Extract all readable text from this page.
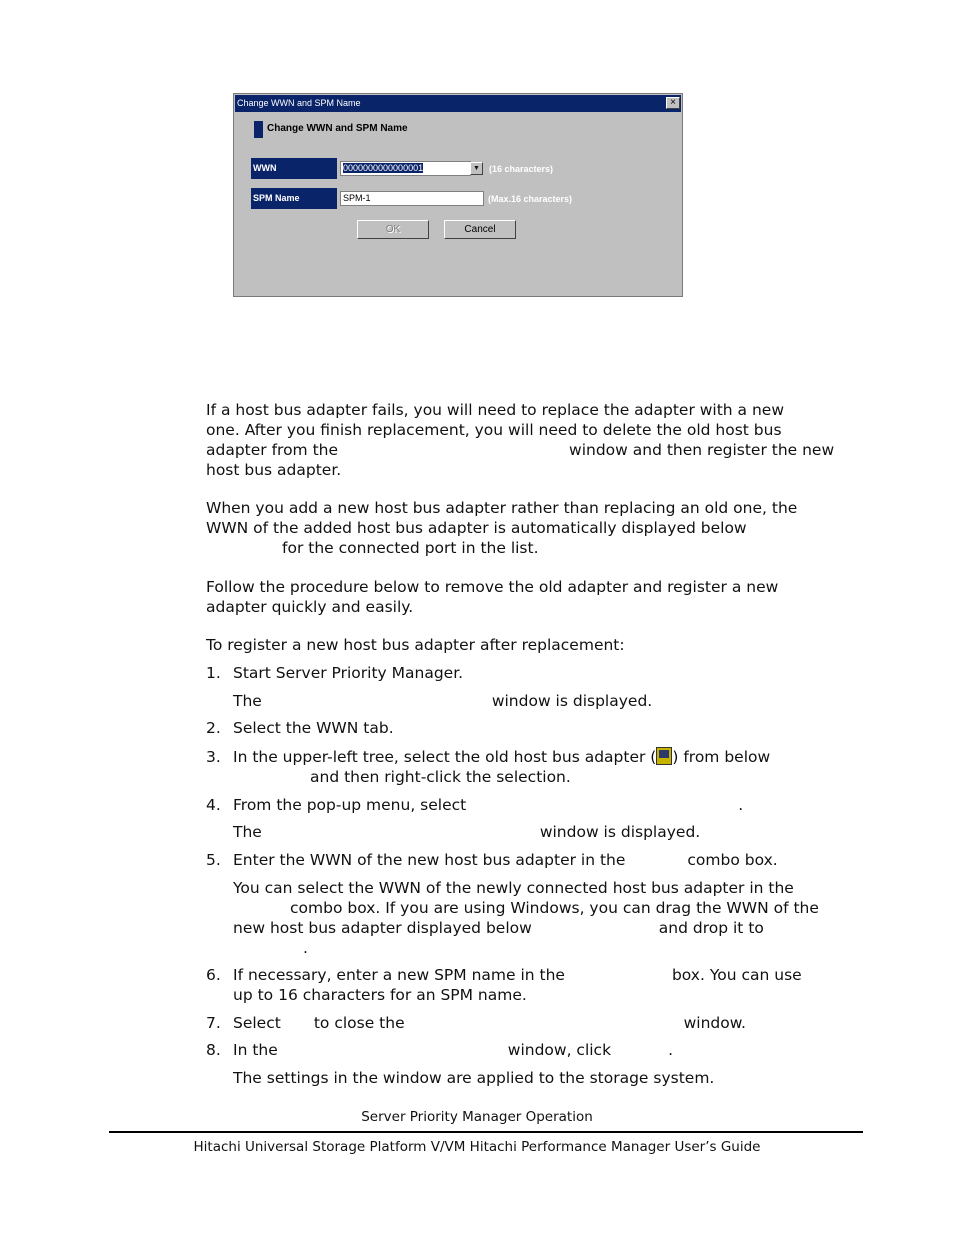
Change WWN and SPM Name	×
Change WWN and SPM Name
WWN	0000000000000001	▼	(16 characters)
SPM Name	SPM-1	(Max.16 characters)
OK	Cancel
If a host bus adapter fails, you will need to replace the adapter with a new
one. After you finish replacement, you will need to delete the old host bus
adapter from the	window and then register the new
host bus adapter.
When you add a new host bus adapter rather than replacing an old one, the
WWN of the added host bus adapter is automatically displayed below
for the connected port in the list.
Follow the procedure below to remove the old adapter and register a new
adapter quickly and easily.
To register a new host bus adapter after replacement:
1. Start Server Priority Manager.
The	window is displayed.
2. Select the WWN tab.
3. In the upper-left tree, select the old host bus adapter ( ) from below
and then right-click the selection.
4. From the pop-up menu, select	.
The	window is displayed.
5. Enter the WWN of the new host bus adapter in the	combo box.
You can select the WWN of the newly connected host bus adapter in the
combo box. If you are using Windows, you can drag the WWN of the
new host bus adapter displayed below	and drop it to
.
6. If necessary, enter a new SPM name in the	box. You can use
up to 16 characters for an SPM name.
7. Select to close the	window.
8. In the	window, click	.
The settings in the window are applied to the storage system.
Server Priority Manager Operation
Hitachi Universal Storage Platform V/VM Hitachi Performance Manager User’s Guide
